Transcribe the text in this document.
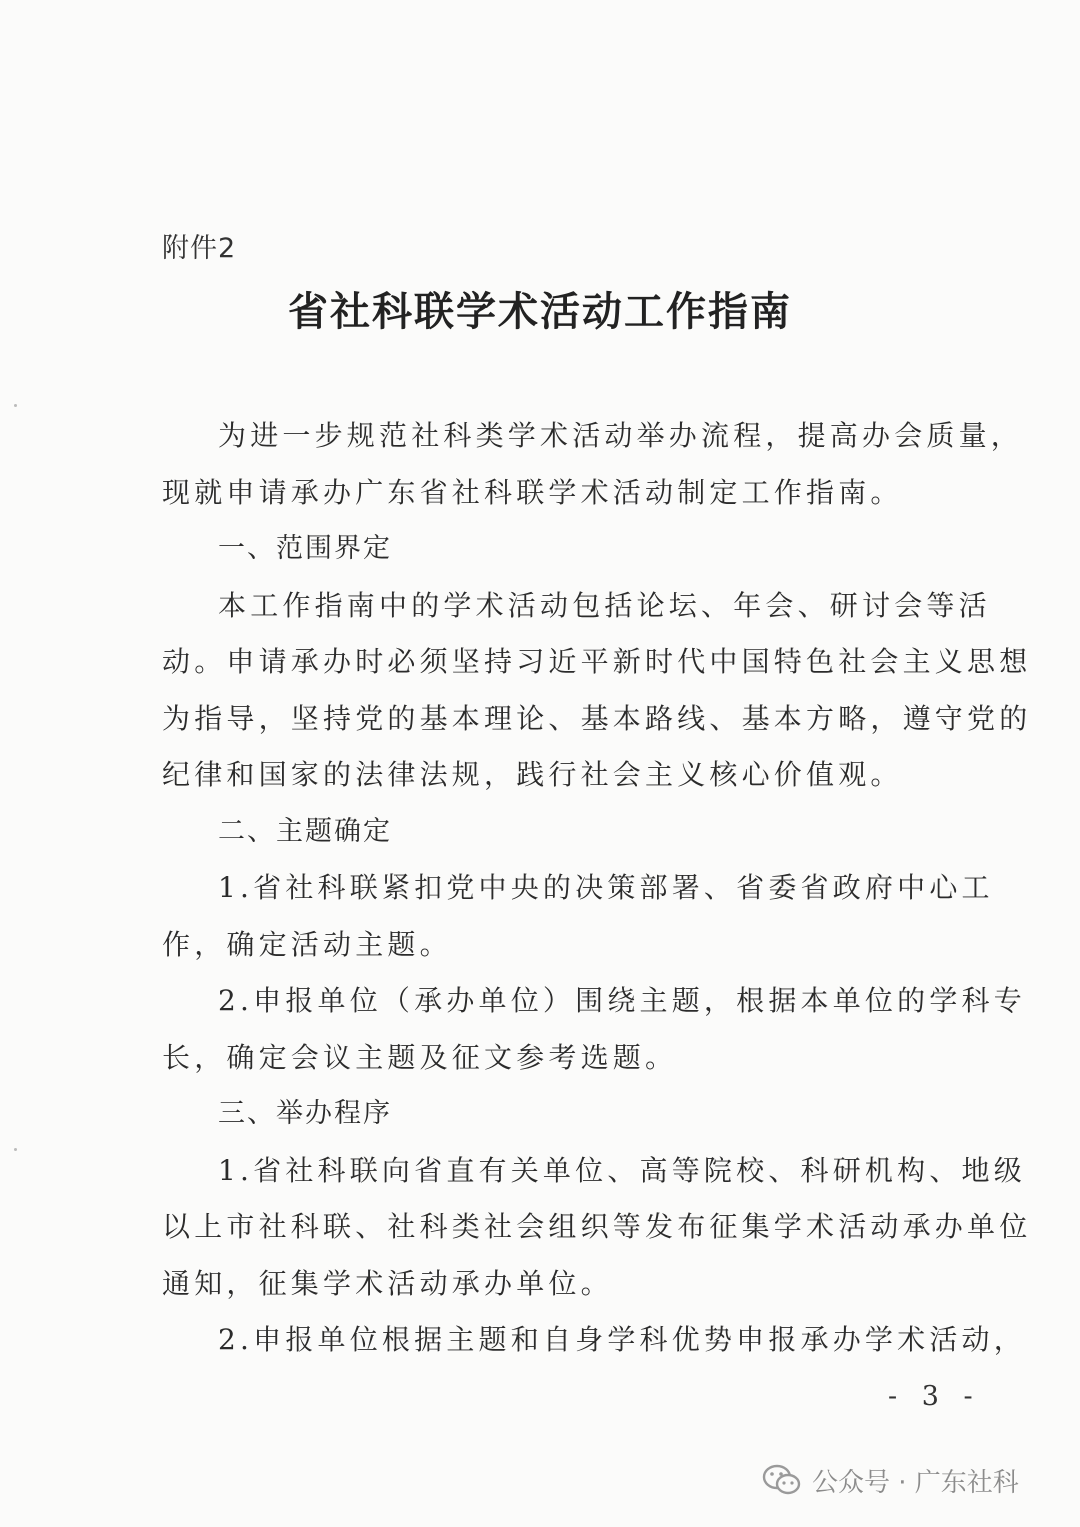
附件2
省社科联学术活动工作指南
为进一步规范社科类学术活动举办流程，提高办会质量，
现就申请承办广东省社科联学术活动制定工作指南。
一、范围界定
本工作指南中的学术活动包括论坛、年会、研讨会等活
动。申请承办时必须坚持习近平新时代中国特色社会主义思想
为指导，坚持党的基本理论、基本路线、基本方略，遵守党的
纪律和国家的法律法规，践行社会主义核心价值观。
二、主题确定
1.省社科联紧扣党中央的决策部署、省委省政府中心工
作，确定活动主题。
2.申报单位（承办单位）围绕主题，根据本单位的学科专
长，确定会议主题及征文参考选题。
三、举办程序
1.省社科联向省直有关单位、高等院校、科研机构、地级
以上市社科联、社科类社会组织等发布征集学术活动承办单位
通知，征集学术活动承办单位。
2.申报单位根据主题和自身学科优势申报承办学术活动，
- 3 -
公众号 · 广东社科
